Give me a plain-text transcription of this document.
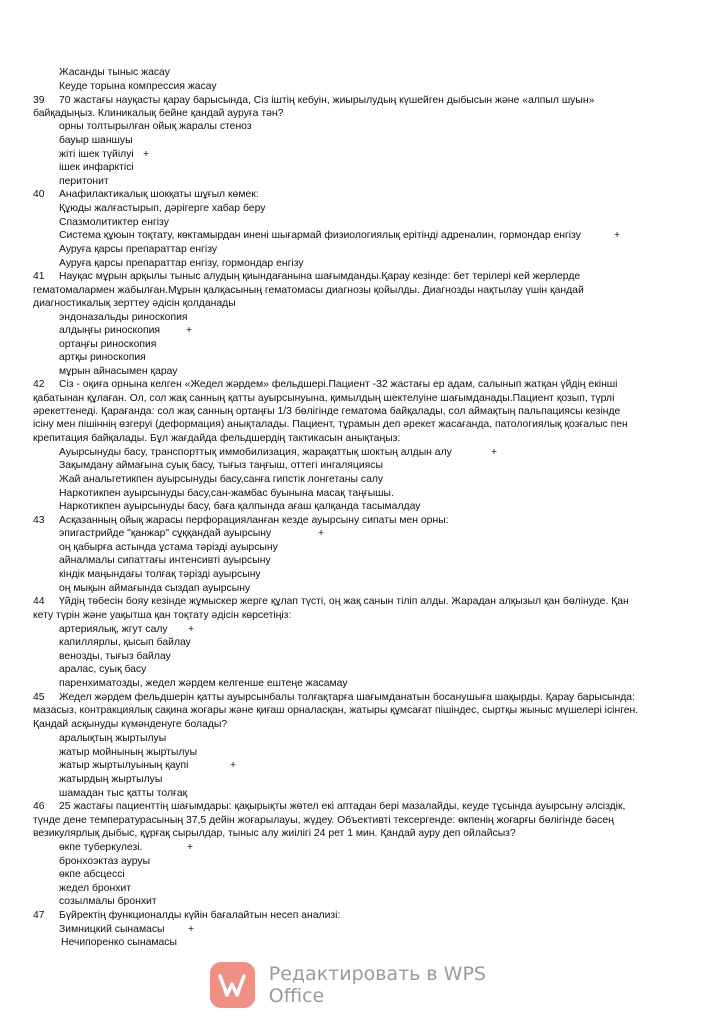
Жасанды тыныс жасау
Кеуде торына компрессия жасау
39 70 жастағы науқасты қарау барысында, Сіз іштің кебуін, жиырылудың күшейген дыбысын және «алпыл шуын»
байқадыңыз. Клиникалық бейне қандай ауруға тән?
орны толтырылған ойық жаралы стеноз
бауыр шаншуы
жіті ішек түйілуі +
ішек инфарктісі
перитонит
40 Анафилактикалық шокқаты шұғыл көмек:
Құюды жалғастырып, дәрігерге хабар беру
Спазмолитиктер енгізу
Система құюын тоқтату, көктамырдан инені шығармай физиологиялық ерітінді адреналин, гормондар енгізу	+
Ауруға қарсы препараттар енгізу
Ауруға қарсы препараттар енгізу, гормондар енгізу
41 Науқас мұрын арқылы тыныс алудың қиындағанына шағымданды.Қарау кезінде: бет терілері кей жерлерде
гематомалармен жабылған.Мұрын қалқасының гематомасы диагнозы қойылды. Диагнозды нақтылау үшін қандай
диагностикалық зерттеу әдісін қолданады
эндоназальды риноскопия
алдыңғы риноскопия +
ортаңғы риноскопия
артқы риноскопия
мұрын айнасымен қарау
42 Сіз - оқиға орнына келген «Жедел жәрдем» фельдшері.Пациент -32 жастағы ер адам, салынып жатқан үйдің екінші
қабатынан құлаған. Ол, сол жақ санның қатты ауырсынуына, қимылдың шектелуіне шағымданады.Пациент қозып, түрлі
әрекеттенеді. Қарағанда: сол жақ санның ортаңғы 1/3 бөлігінде гематома байқалады, сол аймақтың пальпациясы кезінде
ісіну мен пішіннің өзгеруі (деформация) анықталады. Пациент, тұрамын деп әрекет жасағанда, патологиялық қозғалыс пен
крепитация байқалады. Бұл жағдайда фельдшердің тактикасын анықтаңыз:
Ауырсынуды басу, транспорттық иммобилизация, жарақаттық шоктың алдын алу	+
Зақымдану аймағына суық басу, тығыз таңғыш, оттегі ингаляциясы
Жай анальгетикпен ауырсынуды басу,санға гипстік лонгетаны салу
Наркотикпен ауырсынуды басу,сан-жамбас буынына масақ таңғышы.
Наркотикпен ауырсынуды басу, баға қалпында ағаш қалқанда тасымалдау
43 Асқазанның ойық жарасы перфорацияланған кезде ауырсыну сипаты мен орны:
эпигастрийде "қанжар" сұққандай ауырсыну	+
оң қабырға астында ұстама тәрізді ауырсыну
айналмалы сипаттағы интенсивті ауырсыну
кіндік маңындағы толғақ тәрізді ауырсыну
оң мықын аймағында сыздап ауырсыну
44 Үйдің төбесін бояу кезінде жұмыскер жерге құлап түсті, оң жақ санын тіліп алды. Жарадан алқызыл қан бөлінуде. Қан
кету түрін және уақытша қан тоқтату әдісін көрсетіңіз:
артериялық, жгут салу +
капиллярлы, қысып байлау
венозды, тығыз байлау
аралас, суық басу
паренхиматозды, жедел жәрдем келгенше ештеңе жасамау
45 Жедел жәрдем фельдшерін қатты ауырсынбалы толғақтарға шағымданатын босанушыға шақырды. Қарау барысында:
мазасыз, контракциялық сақина жоғары және қиғаш орналасқан, жатыры құмсағат пішіндес, сыртқы жыныс мүшелері ісінген.
Қандай асқынуды күмәнденуге болады?
аралықтың жыртылуы
жатыр мойнының жыртылуы
жатыр жыртылуының қаупі	+
жатырдың жыртылуы
шамадан тыс қатты толғақ
46 25 жастағы пациенттің шағымдары: қақырықты жөтел екі аптадан бері мазалайды, кеуде тұсында ауырсыну әлсіздік,
түнде дене температурасының 37,5 дейін жоғарылауы, жүдеу. Объективті тексергенде: өкпенің жоғарғы бөлігінде бәсең
везикулярлық дыбыс, құрғақ сырылдар, тыныс алу жиілігі 24 рет 1 мин. Қандай ауру деп ойлайсыз?
өкпе туберкулезі.	+
бронхоэктаз ауруы
өкпе абсцессі
жедел бронхит
созылмалы бронхит
47 Бүйректің функционалды күйін бағалайтын несеп анализі:
Зимницкий сынамасы +
Нечипоренко сынамасы
Редактировать в WPS Office
